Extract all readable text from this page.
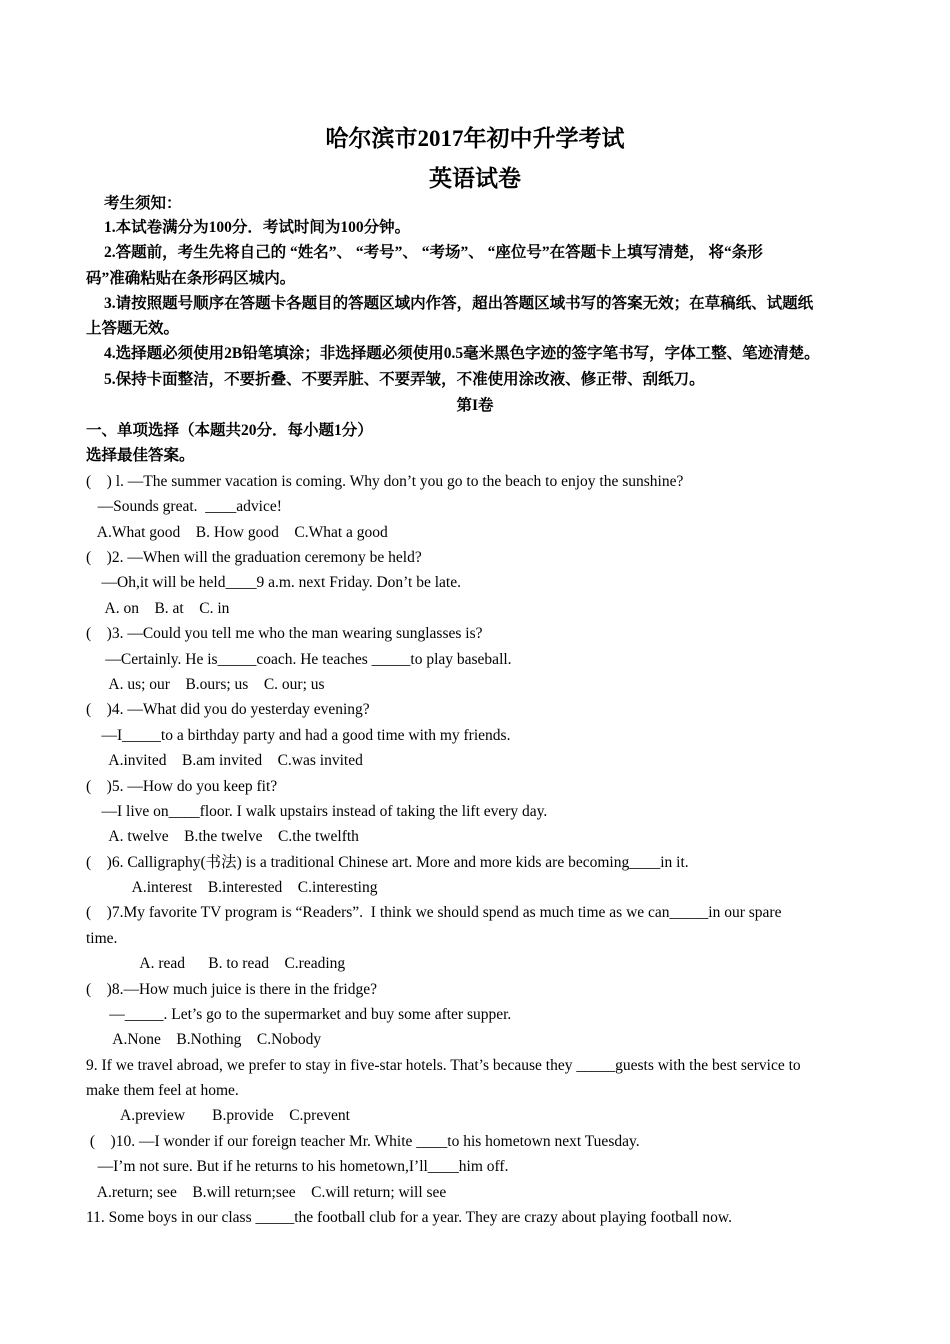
哈尔滨市2017年初中升学考试
英语试卷
考生须知：
1.本试卷满分为100分．考试时间为100分钟。
2.答题前，考生先将自己的 “姓名”、 “考号”、 “考场”、 “座位号”在答题卡上填写清楚， 将“条形
码”准确粘贴在条形码区城内。
3.请按照题号顺序在答题卡各题目的答题区域内作答，超出答题区域书写的答案无效；在草稿纸、试题纸
上答题无效。
4.选择题必须使用2B铅笔填涂；非选择题必须使用0.5毫米黑色字迹的签字笔书写，字体工整、笔迹清楚。
5.保持卡面整洁，不要折叠、不要弄脏、不要弄皱，不准使用涂改液、修正带、刮纸刀。
第I卷
一、单项选择（本题共20分．每小题1分）
选择最佳答案。
(    ) l. —The summer vacation is coming. Why don’t you go to the beach to enjoy the sunshine?
—Sounds great.  ____advice!
A.What good    B. How good    C.What a good
(    )2. —When will the graduation ceremony be held?
—Oh,it will be held____9 a.m. next Friday. Don’t be late.
A. on    B. at    C. in
(    )3. —Could you tell me who the man wearing sunglasses is?
—Certainly. He is_____coach. He teaches _____to play baseball.
A. us; our    B.ours; us    C. our; us
(    )4. —What did you do yesterday evening?
—I_____to a birthday party and had a good time with my friends.
A.invited    B.am invited    C.was invited
(    )5. —How do you keep fit?
—I live on____floor. I walk upstairs instead of taking the lift every day.
A. twelve    B.the twelve    C.the twelfth
(    )6. Calligraphy(书法) is a traditional Chinese art. More and more kids are becoming____in it.
A.interest    B.interested    C.interesting
(    )7.My favorite TV program is “Readers”.  I think we should spend as much time as we can_____in our spare
time.
A. read      B. to read    C.reading
(    )8.—How much juice is there in the fridge?
—_____. Let’s go to the supermarket and buy some after supper.
A.None    B.Nothing    C.Nobody
9. If we travel abroad, we prefer to stay in five-star hotels. That’s because they _____guests with the best service to
make them feel at home.
A.preview       B.provide    C.prevent
(    )10. —I wonder if our foreign teacher Mr. White ____to his hometown next Tuesday.
—I’m not sure. But if he returns to his hometown,I’ll____him off.
A.return; see    B.will return;see    C.will return; will see
11. Some boys in our class _____the football club for a year. They are crazy about playing football now.
